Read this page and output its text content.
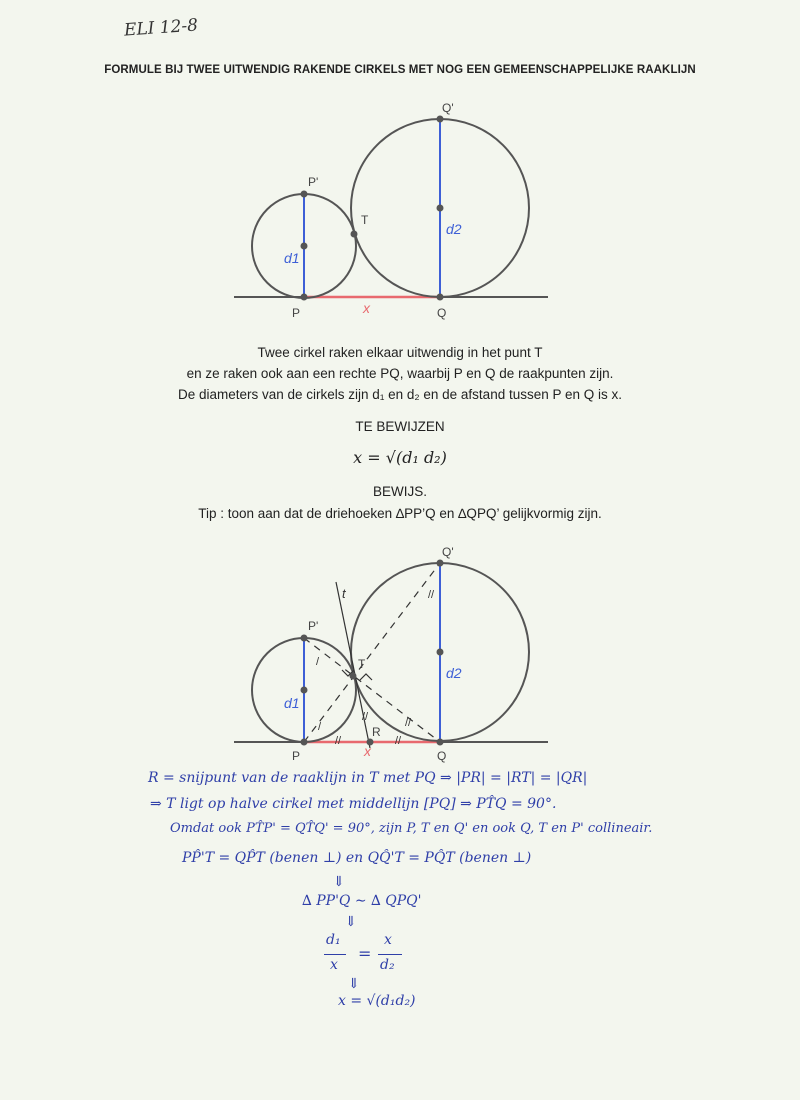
ELI 12-8
FORMULE BIJ TWEE UITWENDIG RAKENDE CIRKELS MET NOG EEN GEMEENSCHAPPELIJKE RAAKLIJN
P'
Q'
T
P	Q
d1
d2
x
Twee cirkel raken elkaar uitwendig in het punt T
en ze raken ook aan een rechte PQ, waarbij P en Q de raakpunten zijn.
De diameters van de cirkels zijn d₁ en d₂ en de afstand tussen P en Q is x.
TE BEWIJZEN
x = √(d₁ d₂)
BEWIJS.
Tip : toon aan dat de driehoeken ∆PP’Q en ∆QPQ’ gelijkvormig zijn.
//	//
//
//
/
/	//
t
P'
Q'
T
R
P	Q
d1
d2
x
R = snijpunt van de raaklijn in T met PQ ⇒ |PR| = |RT| = |QR|
⇒ T ligt op halve cirkel met middellijn [PQ] ⇒ PT̂Q = 90°.
Omdat ook PT̂P' = QT̂Q' = 90°, zijn P, T en Q' en ook Q, T en P' collineair.
PP̂'T = QP̂T (benen ⊥) en QQ̂'T = PQ̂T (benen ⊥)
⇓
∆ PP'Q ∼ ∆ QPQ'
⇓
d₁
x
=
x
d₂
⇓
x = √(d₁d₂)
